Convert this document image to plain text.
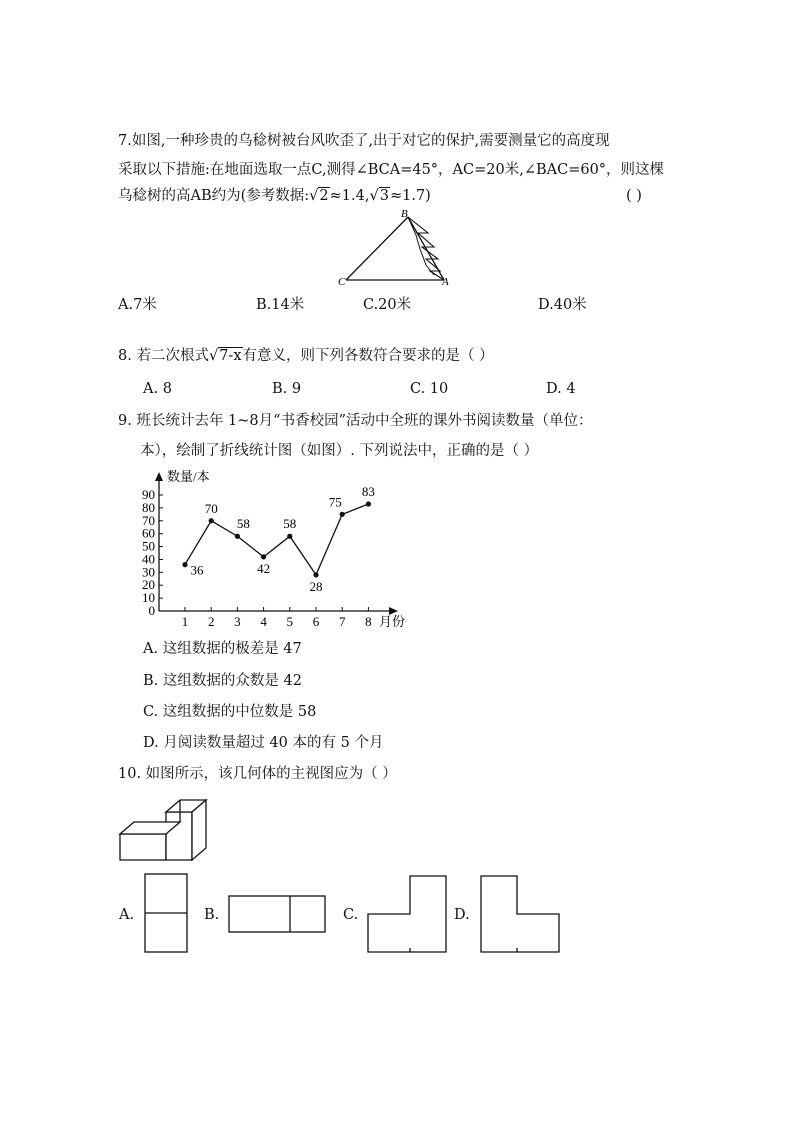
7.如图,一种珍贵的乌稔树被台风吹歪了,出于对它的保护,需要测量它的高度现
采取以下措施:在地面选取一点C,测得∠BCA=45°，AC=20米,∠BAC=60°，则这棵
乌稔树的高AB约为(参考数据:√2≈1.4,√3≈1.7)	( )
B
C	A
A.7米	B.14米	C.20米	D.40米
8. 若二次根式√7-x有意义，则下列各数符合要求的是（ ）
A. 8	B. 9	C. 10	D. 4
9. 班长统计去年 1~8月“书香校园”活动中全班的课外书阅读数量（单位：
本），绘制了折线统计图（如图）. 下列说法中，正确的是（ ）
0
10
20
30
40
50
60
70
80
90
1 2 3 4 5 6 7 8
数量/本
月份
36
70
58
42
58
28
75
83
A. 这组数据的极差是 47
B. 这组数据的众数是 42
C. 这组数据的中位数是 58
D. 月阅读数量超过 40 本的有 5 个月
10. 如图所示，该几何体的主视图应为（ ）
A.	B.	C.	D.
